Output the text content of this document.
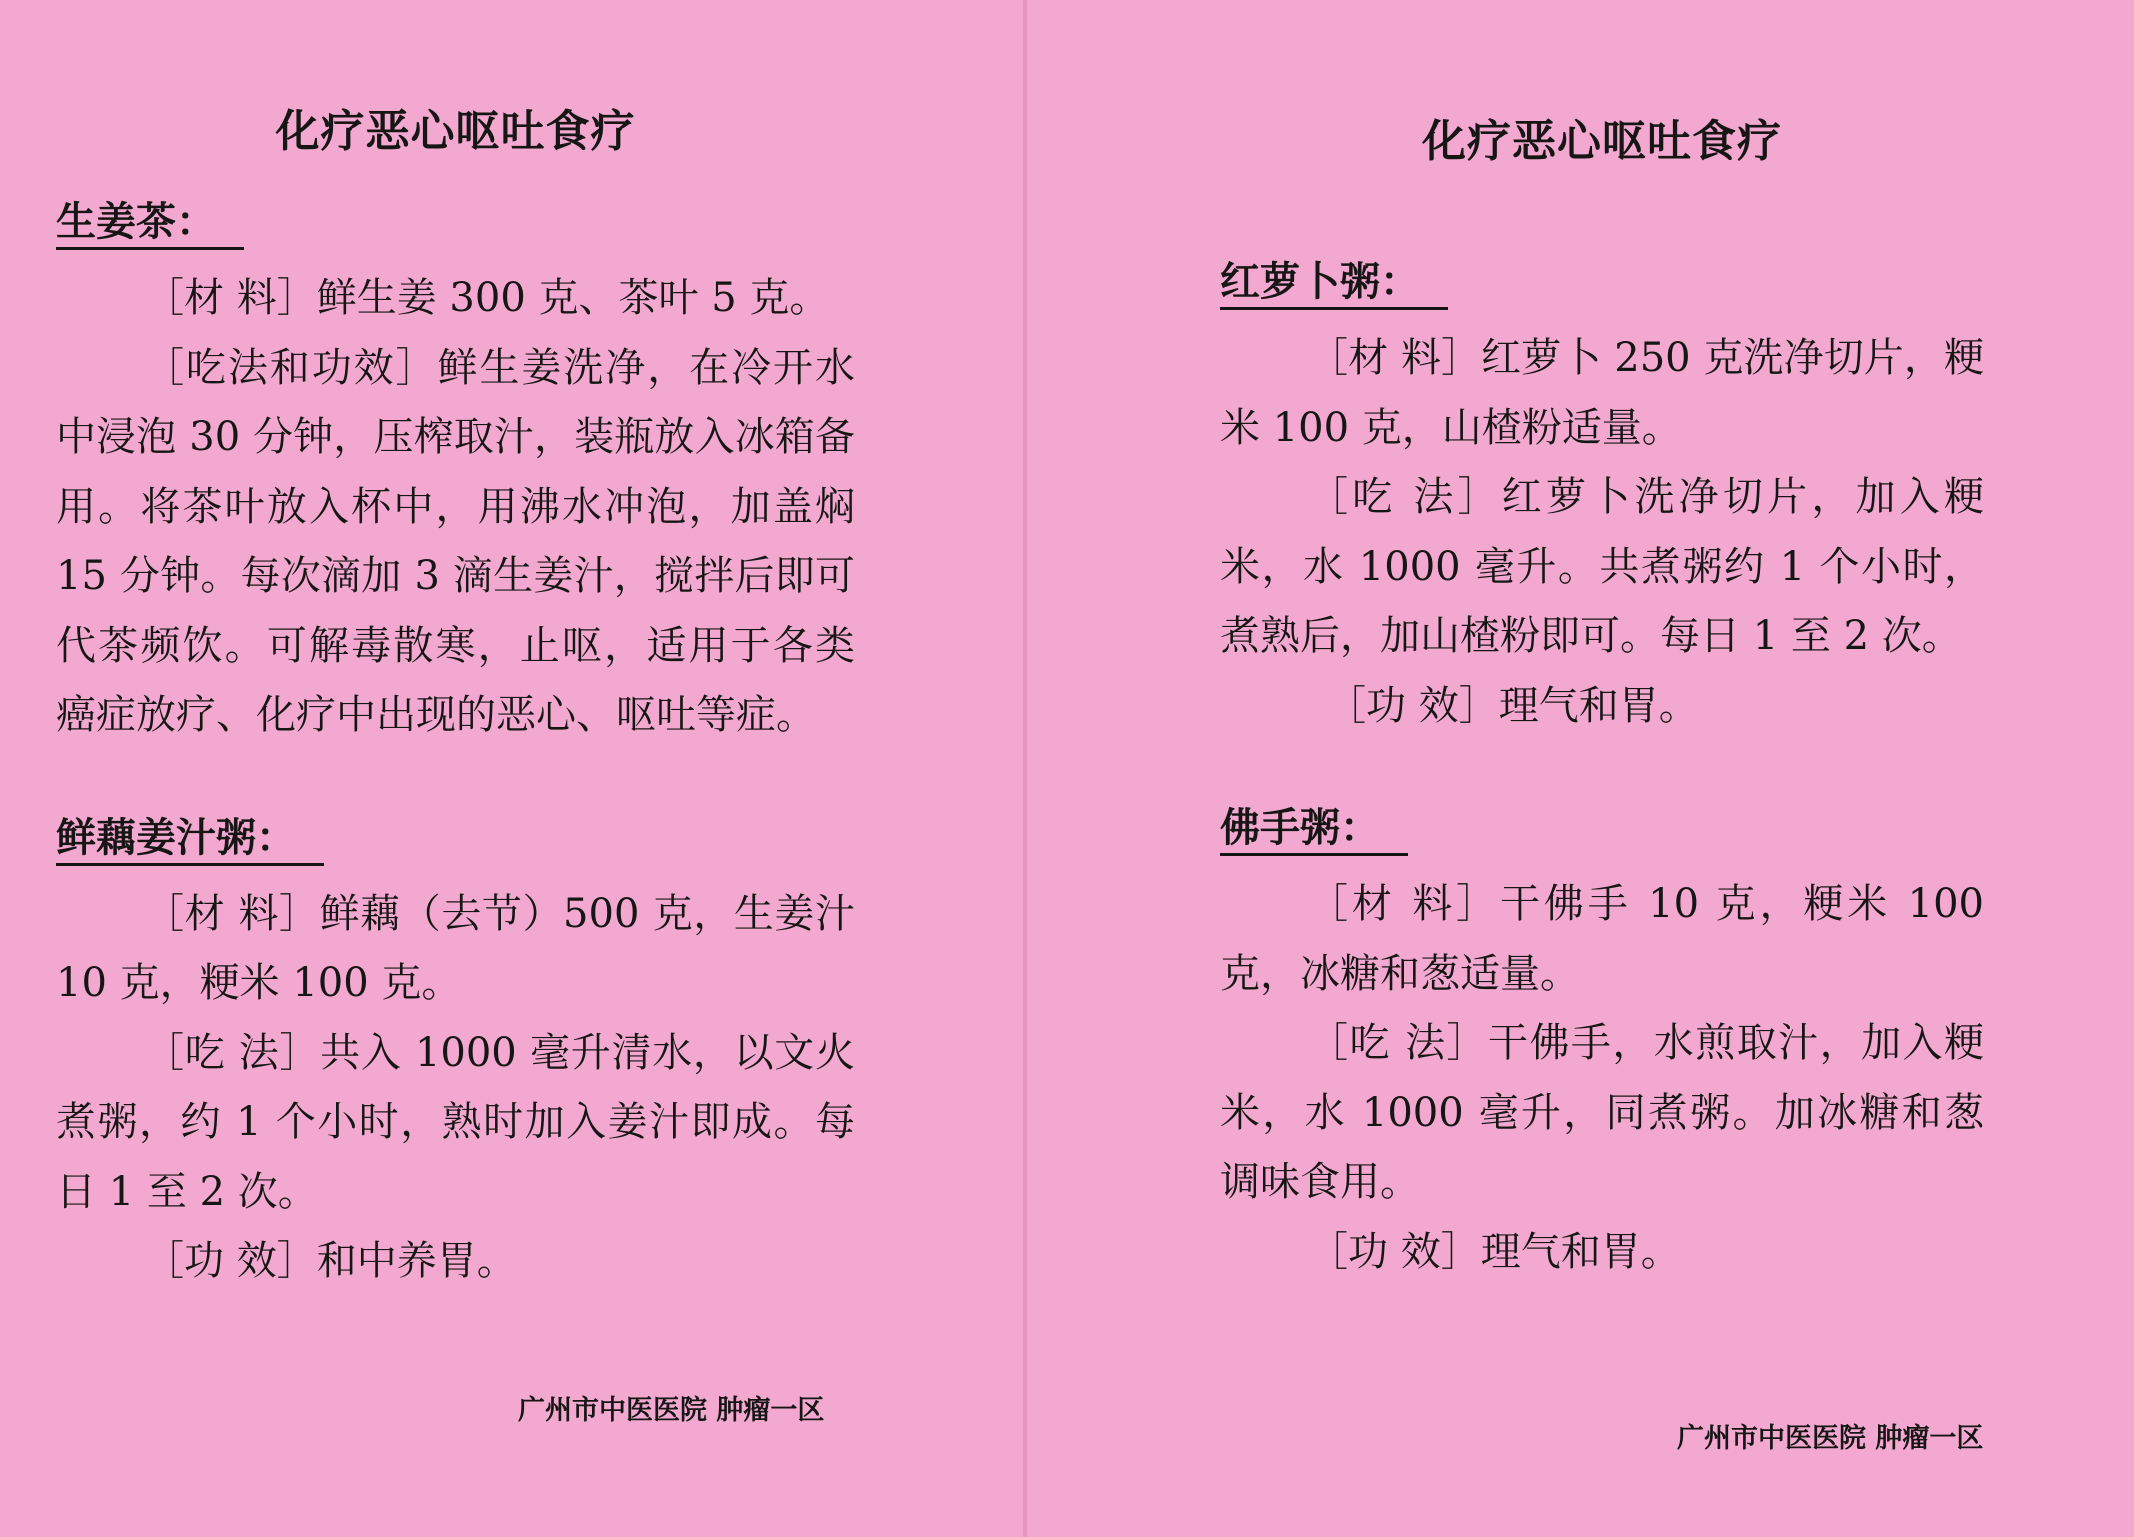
化疗恶心呕吐食疗
生姜茶：

［材 料］鲜生姜 300 克、茶叶 5 克。

［吃法和功效］鲜生姜洗净，在冷开水中浸泡 30 分钟，压榨取汁，装瓶放入冰箱备用。将茶叶放入杯中，用沸水冲泡，加盖焖 15 分钟。每次滴加 3 滴生姜汁，搅拌后即可代茶频饮。可解毒散寒，止呕，适用于各类癌症放疗、化疗中出现的恶心、呕吐等症。

鲜藕姜汁粥：

［材 料］鲜藕（去节）500 克，生姜汁 10 克，粳米 100 克。

［吃 法］共入 1000 毫升清水，以文火煮粥，约 1 个小时，熟时加入姜汁即成。每日 1 至 2 次。

［功 效］和中养胃。

广州市中医医院 肿瘤一区
化疗恶心呕吐食疗
红萝卜粥：

［材 料］红萝卜 250 克洗净切片，粳米 100 克，山楂粉适量。

［吃 法］红萝卜洗净切片，加入粳米，水 1000 毫升。共煮粥约 1 个小时，煮熟后，加山楂粉即可。每日 1 至 2 次。

［功 效］理气和胃。

佛手粥：

［材 料］干佛手 10 克，粳米 100 克，冰糖和葱适量。

［吃 法］干佛手，水煎取汁，加入粳米，水 1000 毫升，同煮粥。加冰糖和葱调味食用。

［功 效］理气和胃。

广州市中医医院 肿瘤一区
